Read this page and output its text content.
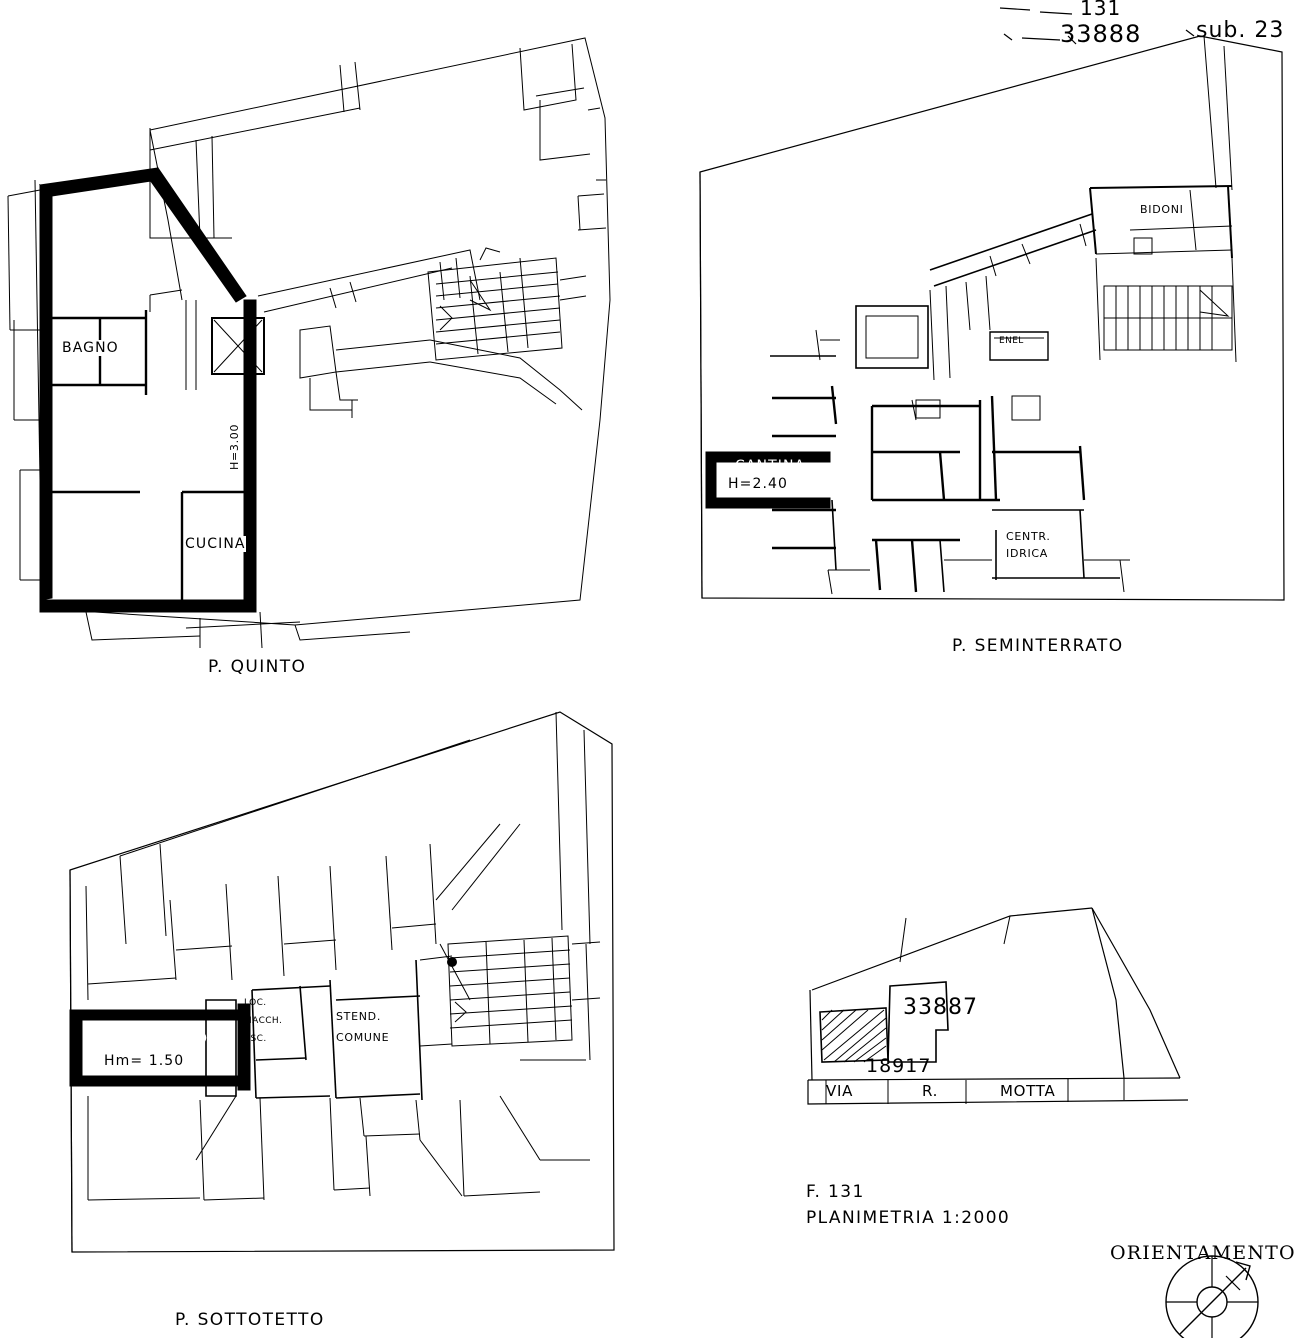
131
33888 sub. 23
BAGNO
CUCINA
H=3.00
P. QUINTO
BIDONI
ENEL
CANTINA
H=2.40
CENTR.
IDRICA
P. SEMINTERRATO
SOTTOTETTO
Hm= 1.50
LOC.
MACCH.
ASC.
STEND.
COMUNE
P. SOTTOTETTO
33887
18917
VIA	R.	MOTTA
F. 131
PLANIMETRIA 1:2000
ORIENTAMENTO
